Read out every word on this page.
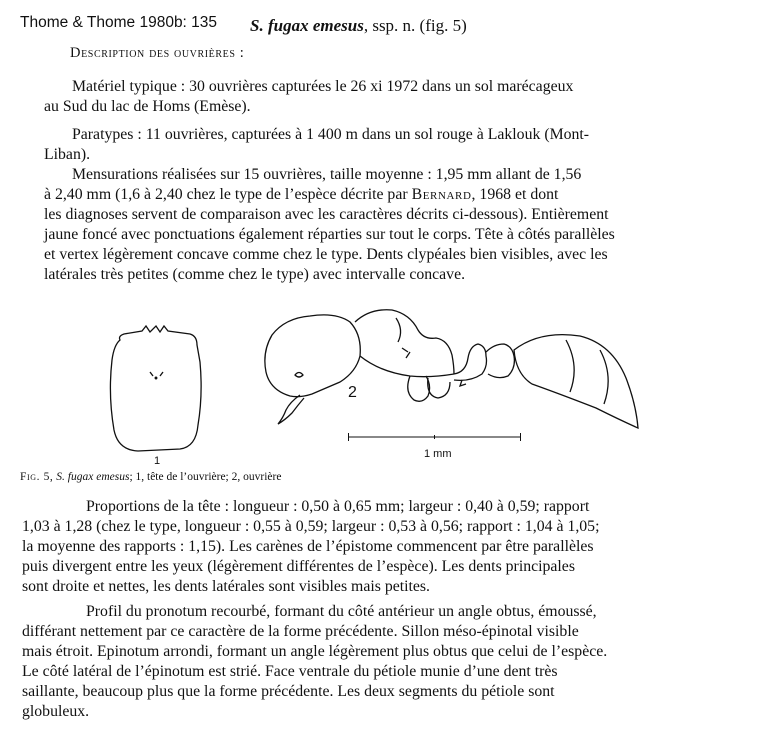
Thome & Thome 1980b: 135 S. fugax emesus, ssp. n. (fig. 5)
Description des ouvrières :
Matériel typique : 30 ouvrières capturées le 26 xi 1972 dans un sol marécageux
au Sud du lac de Homs (Emèse).
Paratypes : 11 ouvrières, capturées à 1 400 m dans un sol rouge à Laklouk (Mont-
Liban).
Mensurations réalisées sur 15 ouvrières, taille moyenne : 1,95 mm allant de 1,56
à 2,40 mm (1,6 à 2,40 chez le type de l’espèce décrite par Bernard, 1968 et dont
les diagnoses servent de comparaison avec les caractères décrits ci-dessous). Entièrement
jaune foncé avec ponctuations également réparties sur tout le corps. Tête à côtés parallèles
et vertex légèrement concave comme chez le type. Dents clypéales bien visibles, avec les
latérales très petites (comme chez le type) avec intervalle concave.
1
2
1 mm
Fig. 5, S. fugax emesus; 1, tête de l’ouvrière; 2, ouvrière
Proportions de la tête : longueur : 0,50 à 0,65 mm; largeur : 0,40 à 0,59; rapport
1,03 à 1,28 (chez le type, longueur : 0,55 à 0,59; largeur : 0,53 à 0,56; rapport : 1,04 à 1,05;
la moyenne des rapports : 1,15). Les carènes de l’épistome commencent par être parallèles
puis divergent entre les yeux (légèrement différentes de l’espèce). Les dents principales
sont droite et nettes, les dents latérales sont visibles mais petites.
Profil du pronotum recourbé, formant du côté antérieur un angle obtus, émoussé,
différant nettement par ce caractère de la forme précédente. Sillon méso-épinotal visible
mais étroit. Epinotum arrondi, formant un angle légèrement plus obtus que celui de l’espèce.
Le côté latéral de l’épinotum est strié. Face ventrale du pétiole munie d’une dent très
saillante, beaucoup plus que la forme précédente. Les deux segments du pétiole sont
globuleux.
